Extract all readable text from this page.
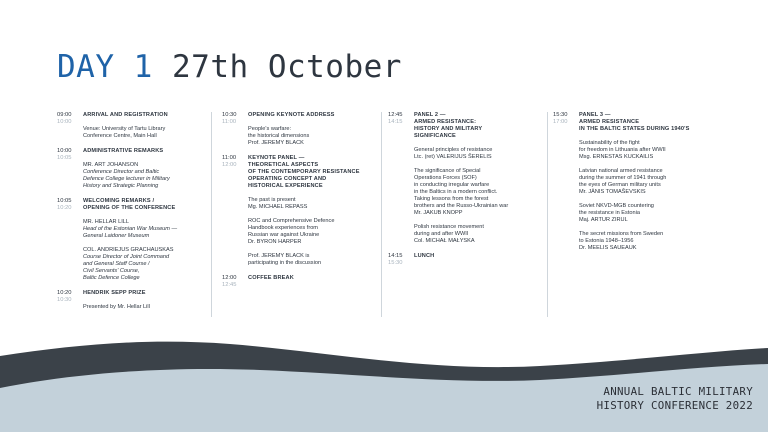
DAY 1 27th October
09:00
10:00
ARRIVAL AND REGISTRATION
Venue: University of Tartu Library
Conference Centre, Main Hall
10:00
10:05
ADMINISTRATIVE REMARKS
MR. ART JOHANSON
Conference Director and Baltic
Defence College lecturer in Military
History and Strategic Planning
10:05
10:20
WELCOMING REMARKS /
OPENING OF THE CONFERENCE
MR. HELLAR LILL
Head of the Estonian War Museum —
General Laidoner Museum
COL. ANDRIEJUS GRACHAUSKAS
Course Director of Joint Command
and General Staff Course /
Civil Servants' Course,
Baltic Defence College
10:20
10:30
HENDRIK SEPP PRIZE
Presented by Mr. Hellar Lill
10:30
11:00
OPENING KEYNOTE ADDRESS
People's warfare:
the historical dimensions
Prof. JEREMY BLACK
11:00
12:00
KEYNOTE PANEL —
THEORETICAL ASPECTS
OF THE CONTEMPORARY RESISTANCE
OPERATING CONCEPT AND
HISTORICAL EXPERIENCE
The past is present
Mg. MICHAEL REPASS
ROC and Comprehensive Defence
Handbook experiences from
Russian war against Ukraine
Dr. BYRON HARPER
Prof. JEREMY BLACK is
participating in the discussion
12:00
12:45
COFFEE BREAK
12:45
14:15
PANEL 2 —
ARMED RESISTANCE:
HISTORY AND MILITARY
SIGNIFICANCE
General principles of resistance
Ltc. (ret) VALERIJUS ŠERELIS
The significance of Special
Operations Forces (SOF)
in conducting irregular warfare
in the Baltics in a modern conflict.
Taking lessons from the forest
brothers and the Russo-Ukrainian war
Mr. JAKUB KNOPP
Polish resistance movement
during and after WWII
Col. MICHAŁ MAŁYSKA
14:15
15:30
LUNCH
15:30
17:00
PANEL 3 —
ARMED RESISTANCE
IN THE BALTIC STATES DURING 1940'S
Sustainability of the fight
for freedom in Lithuania after WWII
Msg. ERNESTAS KUCKAILIS
Latvian national armed resistance
during the summer of 1941 through
the eyes of German military units
Mr. JĀNIS TOMAŠEVSKIS
Soviet NKVD-MGB countering
the resistance in Estonia
Maj. ARTUR ZIRUL
The secret missions from Sweden
to Estonia 1948–1956
Dr. MEELIS SAUEAUK
ANNUAL BALTIC MILITARY
HISTORY CONFERENCE 2022
